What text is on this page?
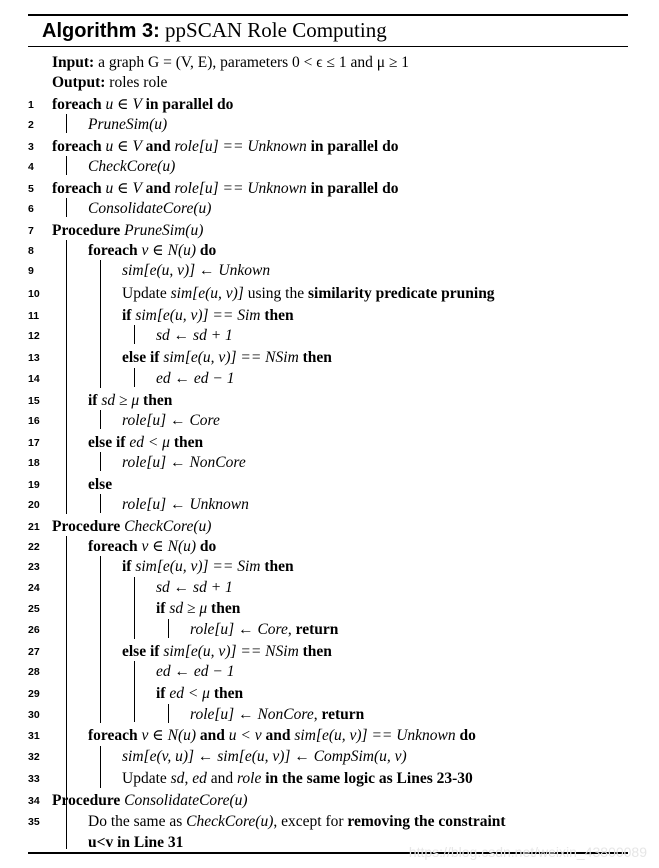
Algorithm 3: ppSCAN Role Computing
Input: a graph G = (V, E), parameters 0 < ϵ ≤ 1 and μ ≥ 1
Output: roles role
1	foreach u ∈ V in parallel do
2	PruneSim(u)
3	foreach u ∈ V and role[u] == Unknown in parallel do
4	CheckCore(u)
5	foreach u ∈ V and role[u] == Unknown in parallel do
6	ConsolidateCore(u)
7	Procedure PruneSim(u)
8	foreach v ∈ N(u) do
9	sim[e(u, v)] ← Unkown
10	Update sim[e(u, v)] using the similarity predicate pruning
11	if sim[e(u, v)] == Sim then
12	sd ← sd + 1
13	else if sim[e(u, v)] == NSim then
14	ed ← ed − 1
15	if sd ≥ μ then
16	role[u] ← Core
17	else if ed < μ then
18	role[u] ← NonCore
19	else
20	role[u] ← Unknown
21 Procedure CheckCore(u)
22	foreach v ∈ N(u) do
23	if sim[e(u, v)] == Sim then
24	sd ← sd + 1
25	if sd ≥ μ then
26	role[u] ← Core, return
27	else if sim[e(u, v)] == NSim then
28	ed ← ed − 1
29	if ed < μ then
30	role[u] ← NonCore, return
31	foreach v ∈ N(u) and u < v and sim[e(u, v)] == Unknown do
32	sim[e(v, u)] ← sim[e(u, v)] ← CompSim(u, v)
33	Update sd, ed and role in the same logic as Lines 23-30
34 Procedure ConsolidateCore(u)
35	Do the same as CheckCore(u), except for removing the constraint
u<v in Line 31
https://blog.csdn.net/weixin_43800089
